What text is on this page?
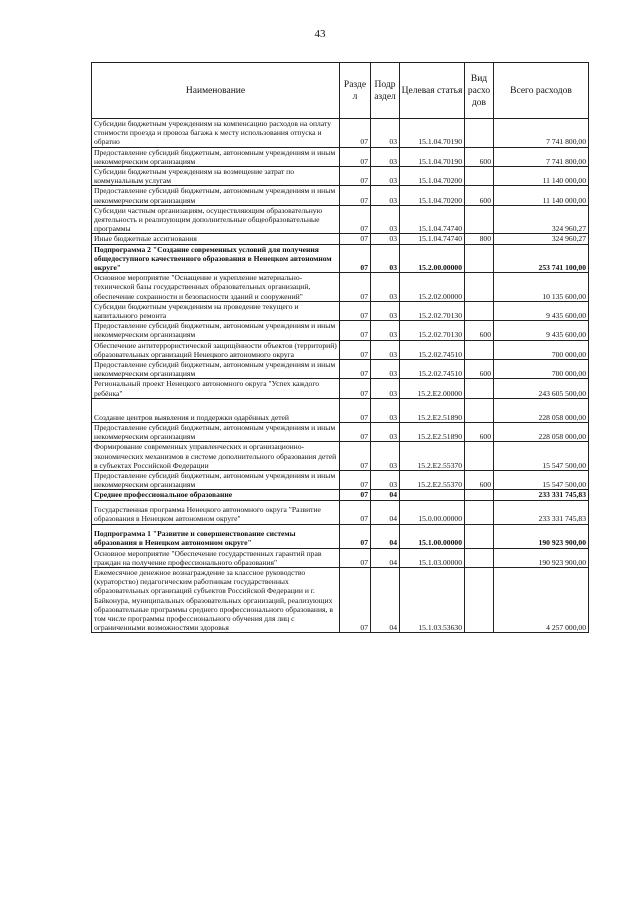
43
Наименование	Разде л	Подр аздел	Целевая статья	Вид расхо дов	Всего расходов
Субсидии бюджетным учреждениям на компенсацию расходов на оплату стоимости проезда и провоза багажа к месту использования отпуска и обратно	07	03	15.1.04.70190		7 741 800,00
Предоставление субсидий бюджетным, автономным учреждениям и иным некоммерческим организациям	07	03	15.1.04.70190	600	7 741 800,00
Субсидии бюджетным учреждениям на возмещение затрат по коммунальным услугам	07	03	15.1.04.70200		11 140 000,00
Предоставление субсидий бюджетным, автономным учреждениям и иным некоммерческим организациям	07	03	15.1.04.70200	600	11 140 000,00
Субсидии частным организациям, осуществляющим образовательную деятельность и реализующим дополнительные общеобразовательные программы	07	03	15.1.04.74740		324 960,27
Иные бюджетные ассигнования	07	03	15.1.04.74740	800	324 960,27
Подпрограмма 2 "Создание современных условий для получения общедоступного качественного образования в Ненецком автономном округе"	07	03	15.2.00.00000		253 741 100,00
Основное мероприятие "Оснащение и укрепление материально-технической базы государственных образовательных организаций, обеспечение сохранности и безопасности зданий и сооружений"	07	03	15.2.02.00000		10 135 600,00
Субсидии бюджетным учреждениям на проведение текущего и капитального ремонта	07	03	15.2.02.70130		9 435 600,00
Предоставление субсидий бюджетным, автономным учреждениям и иным некоммерческим организациям	07	03	15.2.02.70130	600	9 435 600,00
Обеспечение антитеррористической защищённости объектов (территорий) образовательных организаций Ненецкого автономного округа	07	03	15.2.02.74510		700 000,00
Предоставление субсидий бюджетным, автономным учреждениям и иным некоммерческим организациям	07	03	15.2.02.74510	600	700 000,00
Региональный проект Ненецкого автономного округа "Успех каждого ребёнка"	07	03	15.2.E2.00000		243 605 500,00
Создание центров выявления и поддержки одарённых детей	07	03	15.2.E2.51890		228 058 000,00
Предоставление субсидий бюджетным, автономным учреждениям и иным некоммерческим организациям	07	03	15.2.E2.51890	600	228 058 000,00
Формирование современных управленческих и организационно-экономических механизмов в системе дополнительного образования детей в субъектах Российской Федерации	07	03	15.2.E2.55370		15 547 500,00
Предоставление субсидий бюджетным, автономным учреждениям и иным некоммерческим организациям	07	03	15.2.E2.55370	600	15 547 500,00
Среднее профессиональное образование	07	04			233 331 745,83
Государственная программа Ненецкого автономного округа "Развитие образования в Ненецком автономном округе"	07	04	15.0.00.00000		233 331 745,83
Подпрограмма 1 "Развитие и совершенствование системы образования в Ненецком автономном округе"	07	04	15.1.00.00000		190 923 900,00
Основное мероприятие "Обеспечение государственных гарантий прав граждан на получение профессионального образования"	07	04	15.1.03.00000		190 923 900,00
Ежемесячное денежное вознаграждение за классное руководство (кураторство) педагогическим работникам государственных образовательных организаций субъектов Российской Федерации и г. Байконура, муниципальных образовательных организаций, реализующих образовательные программы среднего профессионального образования, в том числе программы профессионального обучения для лиц с ограниченными возможностями здоровья	07	04	15.1.03.53630		4 257 000,00
